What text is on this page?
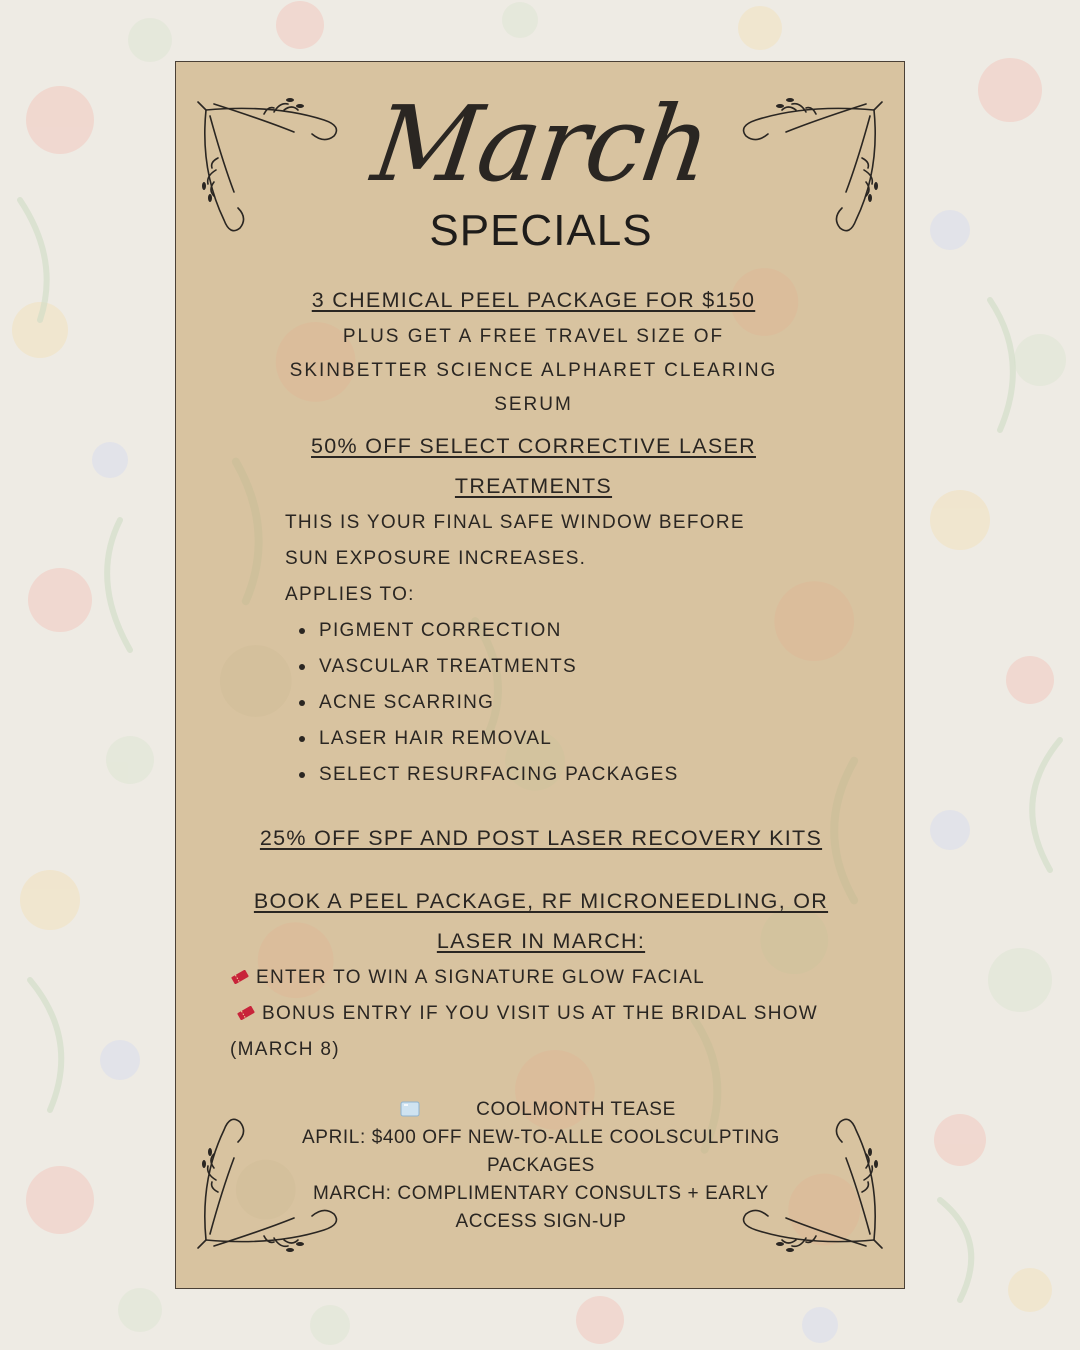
March
SPECIALS
3 CHEMICAL PEEL PACKAGE FOR $150
PLUS GET A FREE TRAVEL SIZE OF
SKINBETTER SCIENCE ALPHARET CLEARING
SERUM
50% OFF SELECT CORRECTIVE LASER
TREATMENTS
THIS IS YOUR FINAL SAFE WINDOW BEFORE
SUN EXPOSURE INCREASES.
APPLIES TO:
PIGMENT CORRECTION
VASCULAR TREATMENTS
ACNE SCARRING
LASER HAIR REMOVAL
SELECT RESURFACING PACKAGES
25% OFF SPF AND POST LASER RECOVERY KITS
BOOK A PEEL PACKAGE, RF MICRONEEDLING, OR
LASER IN MARCH:
ENTER TO WIN A SIGNATURE GLOW FACIAL
BONUS ENTRY IF YOU VISIT US AT THE BRIDAL SHOW
(MARCH 8)
COOLMONTH TEASE
APRIL: $400 OFF NEW-TO-ALLE COOLSCULPTING
PACKAGES
MARCH: COMPLIMENTARY CONSULTS + EARLY
ACCESS SIGN-UP
